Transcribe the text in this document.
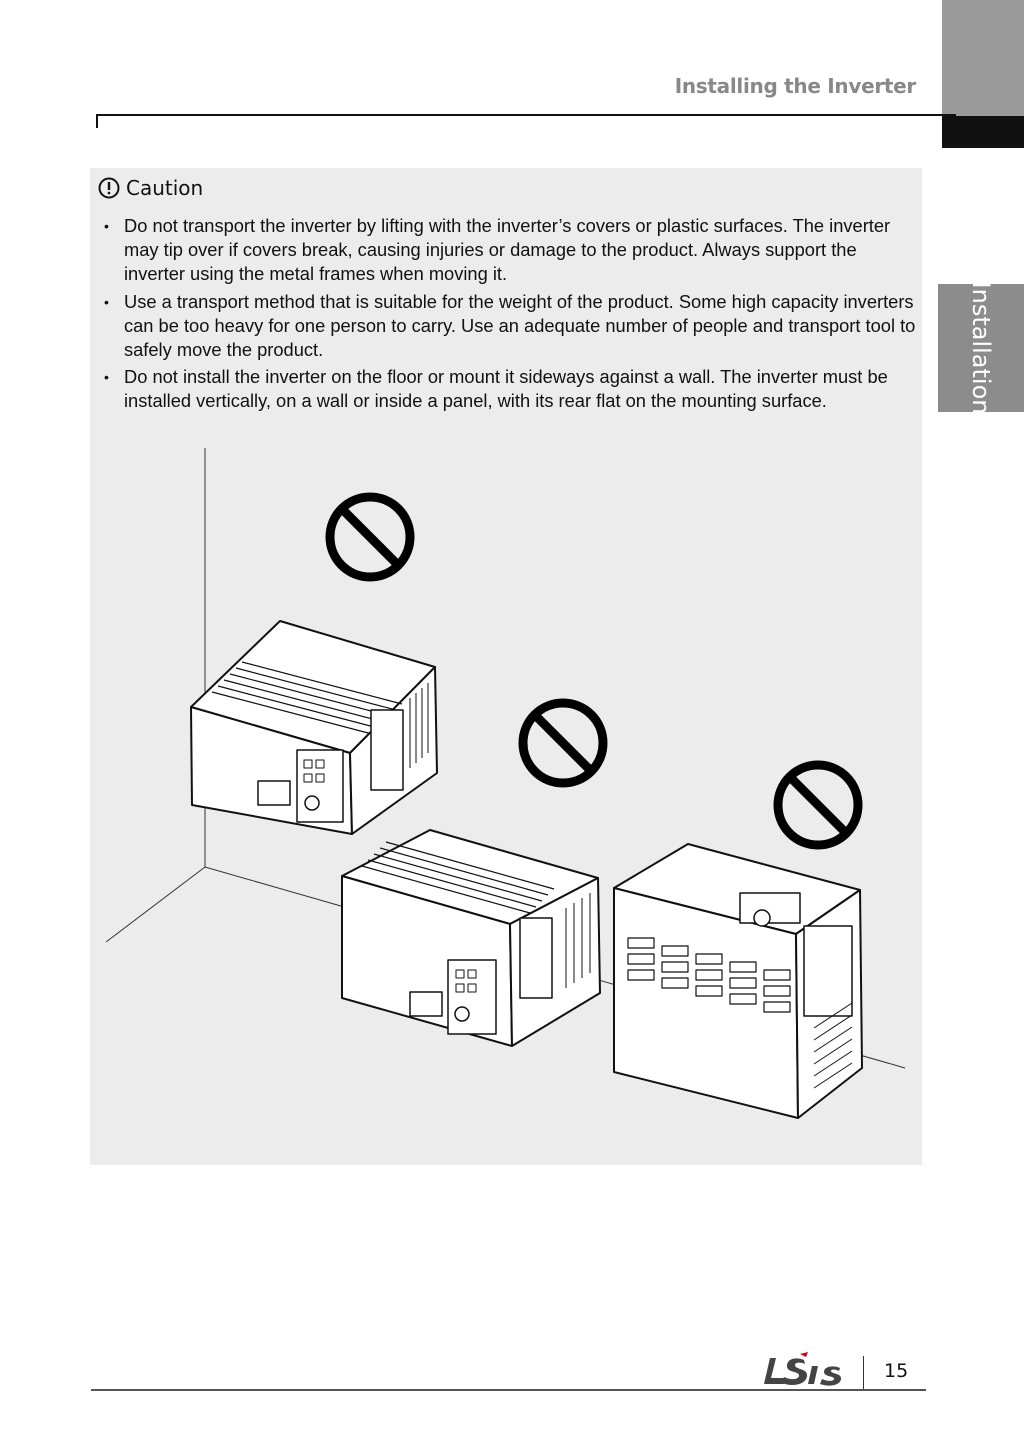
Installing the Inverter
Installation
Caution
• Do not transport the inverter by lifting with the inverter’s covers or plastic surfaces. The inverter may tip over if covers break, causing injuries or damage to the product. Always support the inverter using the metal frames when moving it.
• Use a transport method that is suitable for the weight of the product. Some high capacity inverters can be too heavy for one person to carry. Use an adequate number of people and transport tool to safely move the product.
• Do not install the inverter on the floor or mount it sideways against a wall. The inverter must be installed vertically, on a wall or inside a panel, with its rear flat on the mounting surface.
15
